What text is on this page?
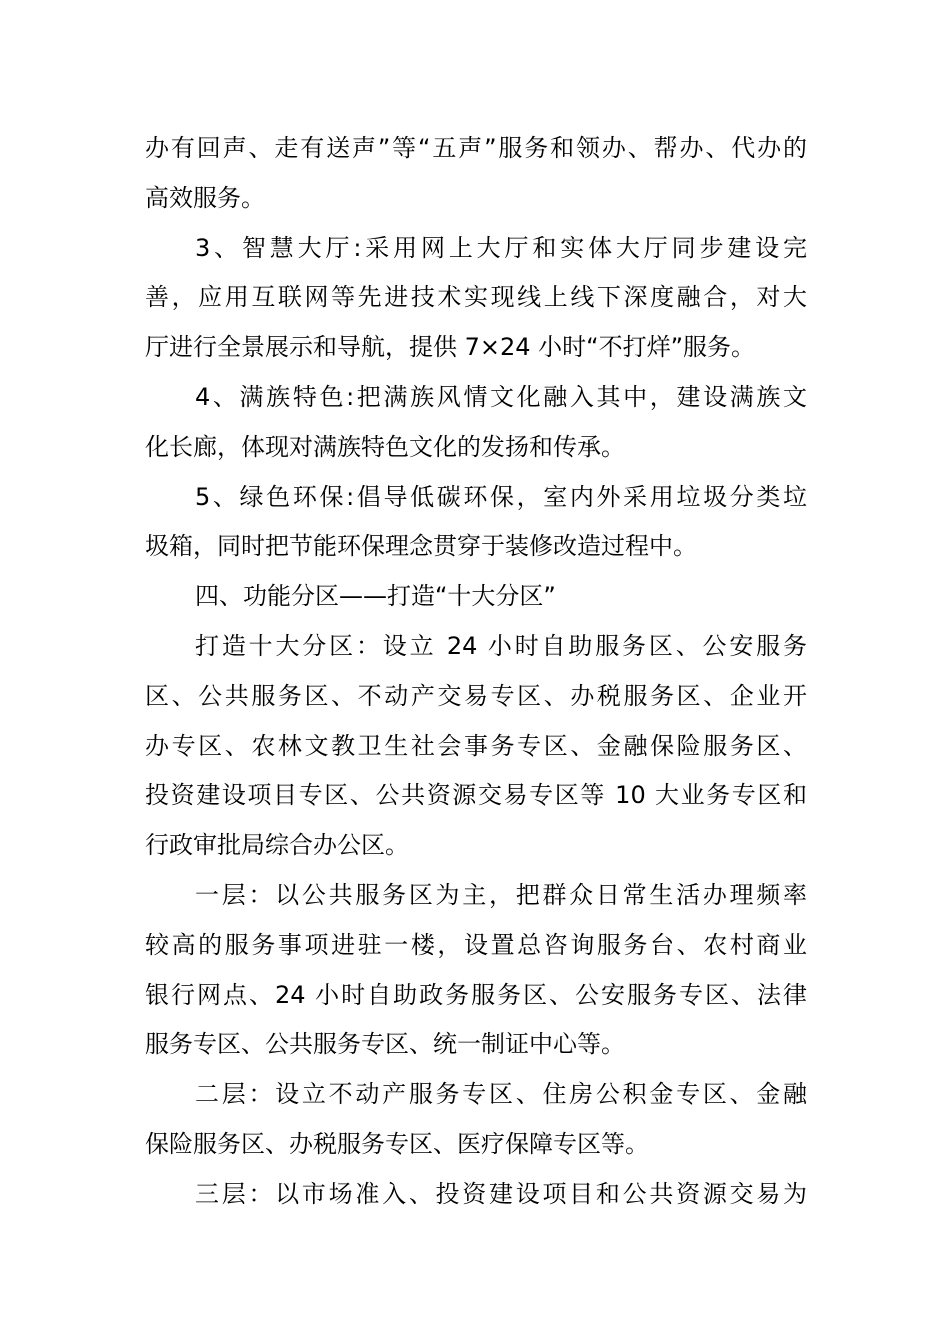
办有回声、走有送声”等“五声”服务和领办、帮办、代办的
高效服务。
3、智慧大厅:采用网上大厅和实体大厅同步建设完
善，应用互联网等先进技术实现线上线下深度融合，对大
厅进行全景展示和导航，提供 7×24 小时“不打烊”服务。
4、满族特色:把满族风情文化融入其中，建设满族文
化长廊，体现对满族特色文化的发扬和传承。
5、绿色环保:倡导低碳环保，室内外采用垃圾分类垃
圾箱，同时把节能环保理念贯穿于装修改造过程中。
四、功能分区——打造“十大分区”
打造十大分区：设立 24 小时自助服务区、公安服务
区、公共服务区、不动产交易专区、办税服务区、企业开
办专区、农林文教卫生社会事务专区、金融保险服务区、
投资建设项目专区、公共资源交易专区等 10 大业务专区和
行政审批局综合办公区。
一层：以公共服务区为主，把群众日常生活办理频率
较高的服务事项进驻一楼，设置总咨询服务台、农村商业
银行网点、24 小时自助政务服务区、公安服务专区、法律
服务专区、公共服务专区、统一制证中心等。
二层：设立不动产服务专区、住房公积金专区、金融
保险服务区、办税服务专区、医疗保障专区等。
三层：以市场准入、投资建设项目和公共资源交易为
